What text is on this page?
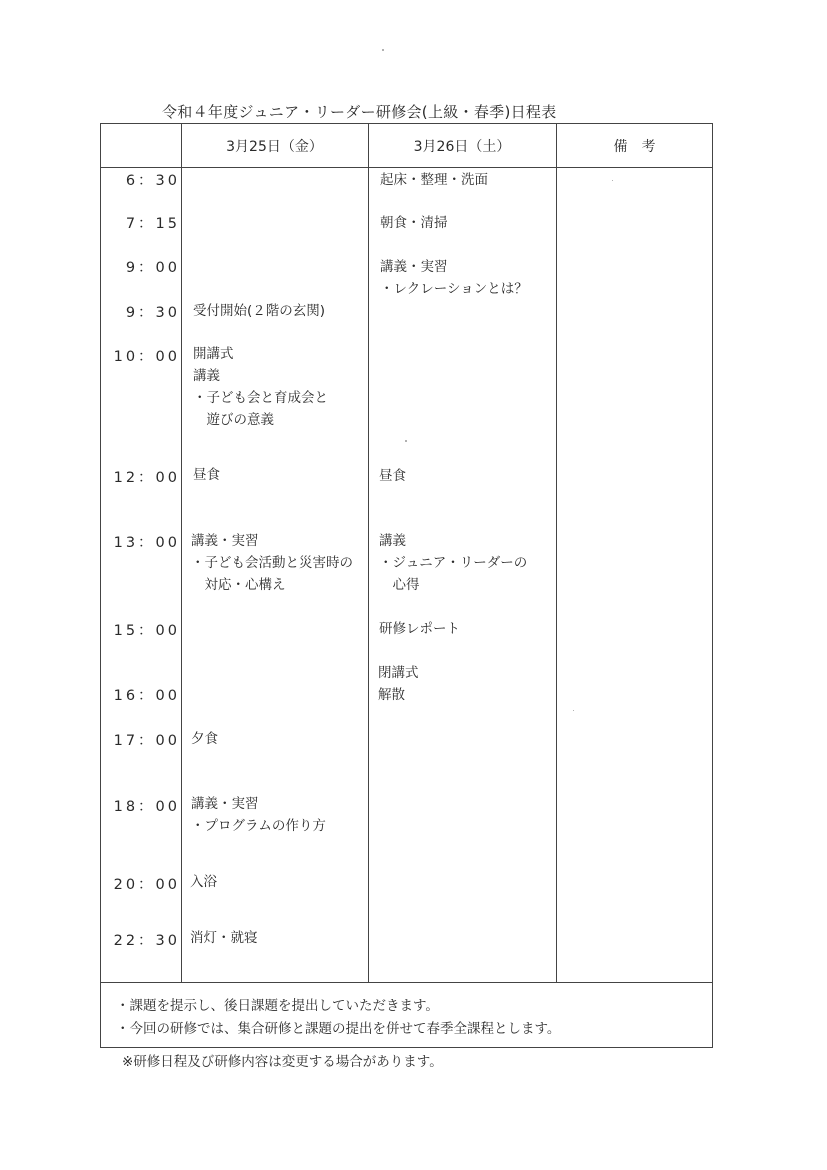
令和４年度ジュニア・リーダー研修会(上級・春季)日程表
3月25日（金）	3月26日（土）	備　考
6：30
7：15
9：00
9：30
10：00
12：00
13：00
15：00
16：00
17：00
18：00
20：00
22：30
受付開始(２階の玄関)
開講式
講義
・子ども会と育成会と
　遊びの意義
昼食
講義・実習
・子ども会活動と災害時の
　対応・心構え
夕食
講義・実習
・プログラムの作り方
入浴
消灯・就寝
起床・整理・洗面
朝食・清掃
講義・実習
・レクレーションとは？
昼食
講義
・ジュニア・リーダーの
　心得
研修レポート
閉講式
解散
・課題を提示し、後日課題を提出していただきます。
・今回の研修では、集合研修と課題の提出を併せて春季全課程とします。
※研修日程及び研修内容は変更する場合があります。
